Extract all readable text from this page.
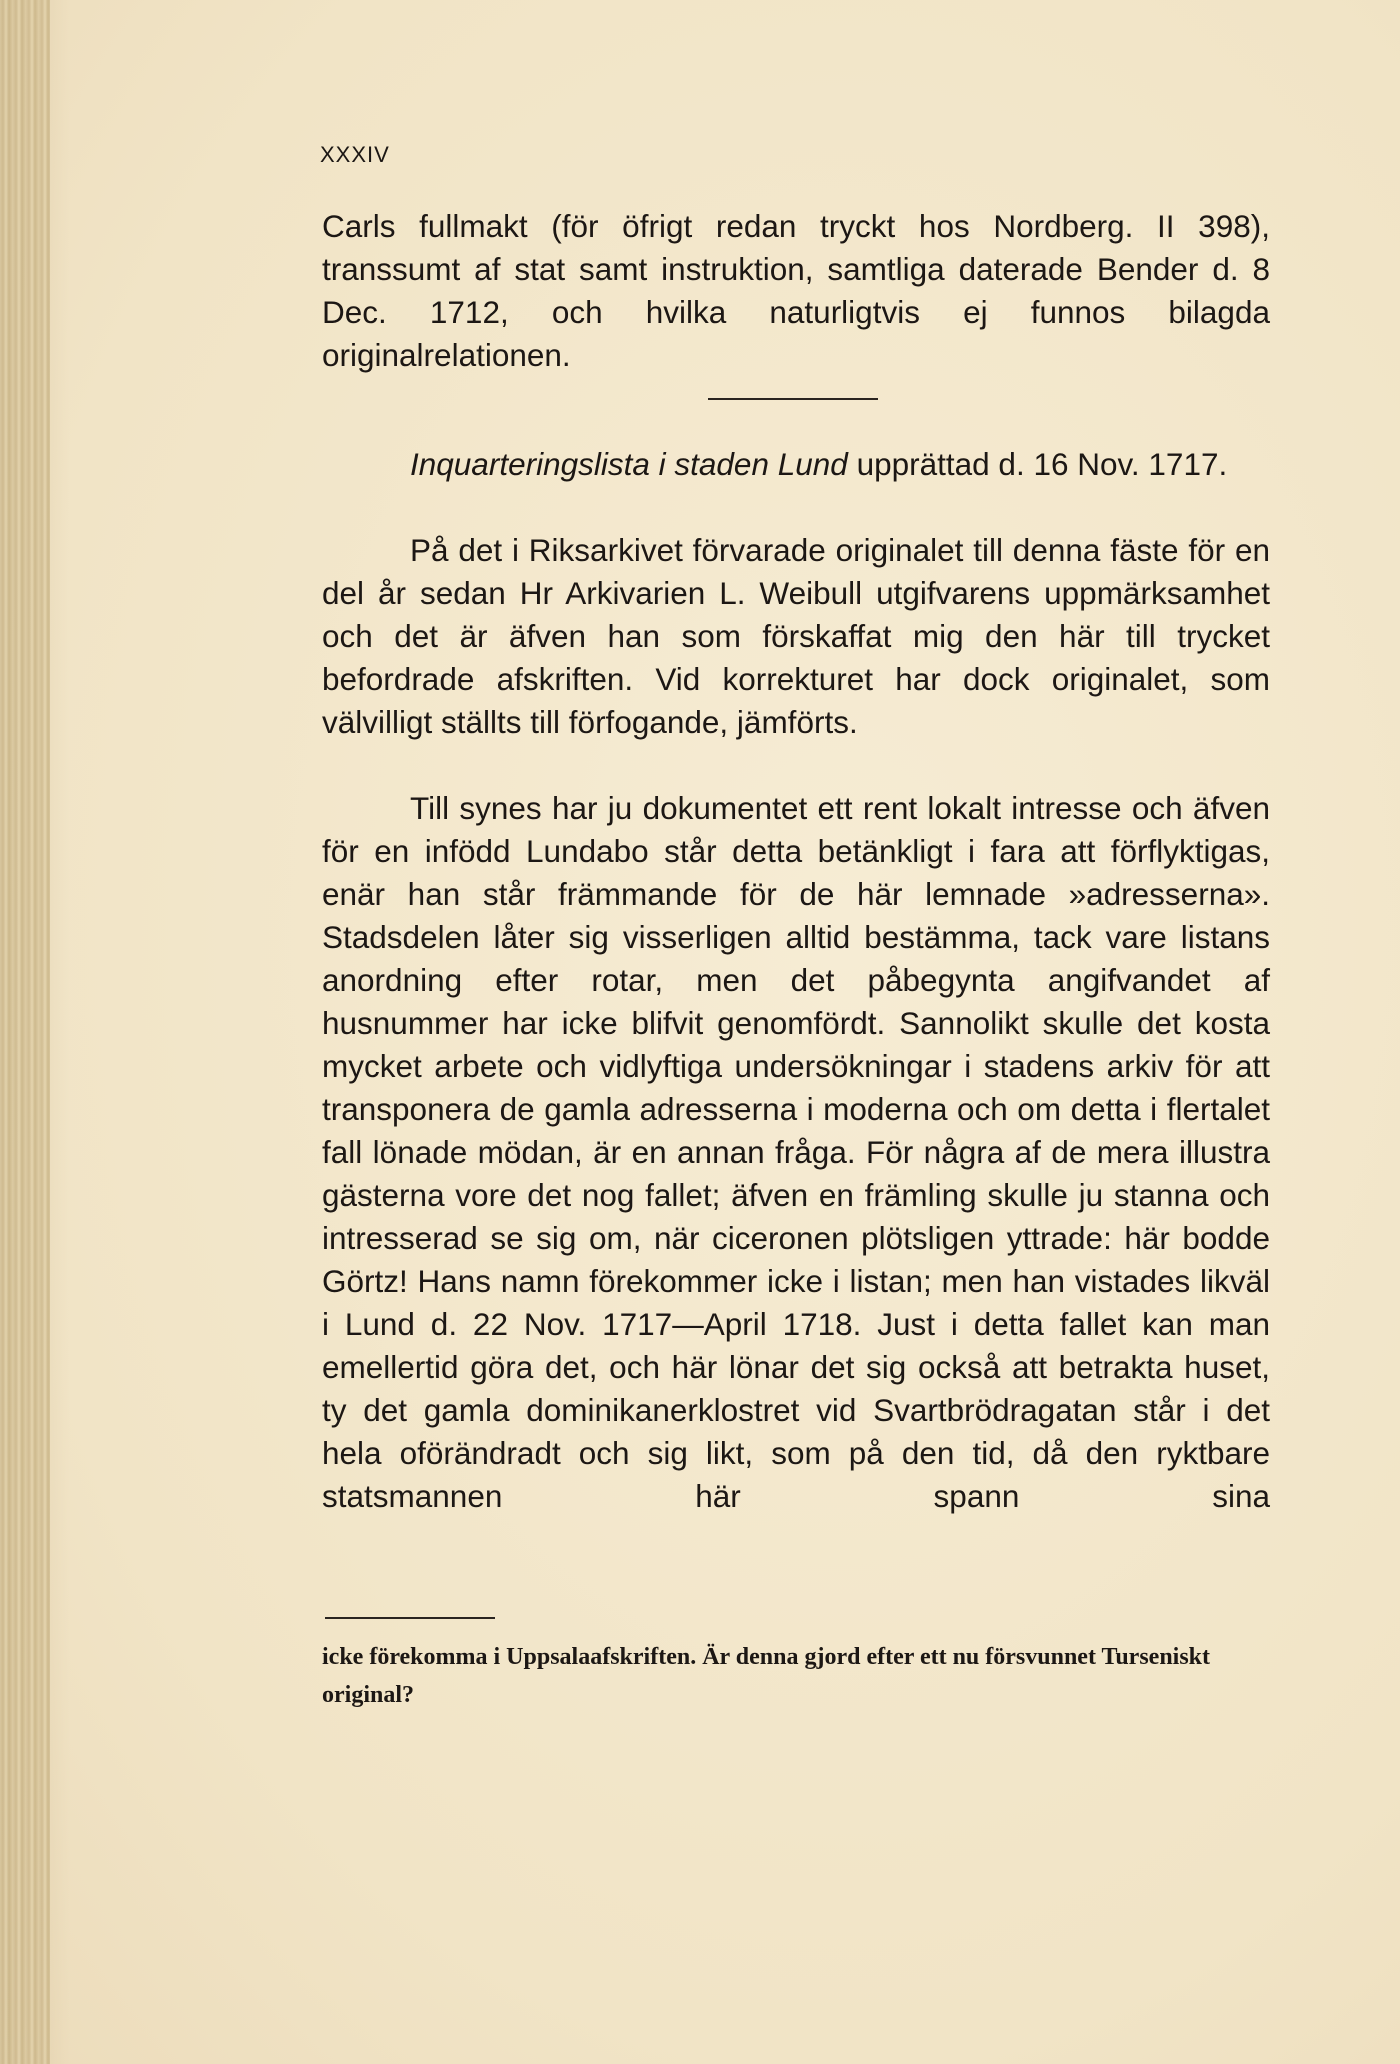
XXXIV

Carls fullmakt (för öfrigt redan tryckt hos Nordberg. II 398), transsumt af stat samt instruktion, samtliga daterade Bender d. 8 Dec. 1712, och hvilka naturligtvis ej funnos bilagda originalrelationen.

Inquarteringslista i staden Lund upprättad d. 16 Nov. 1717.

På det i Riksarkivet förvarade originalet till denna fäste för en del år sedan Hr Arkivarien L. Weibull utgifvarens uppmärksamhet och det är äfven han som förskaffat mig den här till trycket befordrade afskriften. Vid korrekturet har dock originalet, som välvilligt ställts till förfogande, jämförts.

Till synes har ju dokumentet ett rent lokalt intresse och äfven för en infödd Lundabo står detta betänkligt i fara att förflyktigas, enär han står främmande för de här lemnade »adresserna». Stadsdelen låter sig visserligen alltid bestämma, tack vare listans anordning efter rotar, men det påbegynta angifvandet af husnummer har icke blifvit genomfördt. Sannolikt skulle det kosta mycket arbete och vidlyftiga undersökningar i stadens arkiv för att transponera de gamla adresserna i moderna och om detta i flertalet fall lönade mödan, är en annan fråga. För några af de mera illustra gästerna vore det nog fallet; äfven en främling skulle ju stanna och intresserad se sig om, när ciceronen plötsligen yttrade: här bodde Görtz! Hans namn förekommer icke i listan; men han vistades likväl i Lund d. 22 Nov. 1717—April 1718. Just i detta fallet kan man emellertid göra det, och här lönar det sig också att betrakta huset, ty det gamla dominikanerklostret vid Svartbrödragatan står i det hela oförändradt och sig likt, som på den tid, då den ryktbare statsmannen här spann sina

icke förekomma i Uppsalaafskriften. Är denna gjord efter ett nu försvunnet Turseniskt original?
